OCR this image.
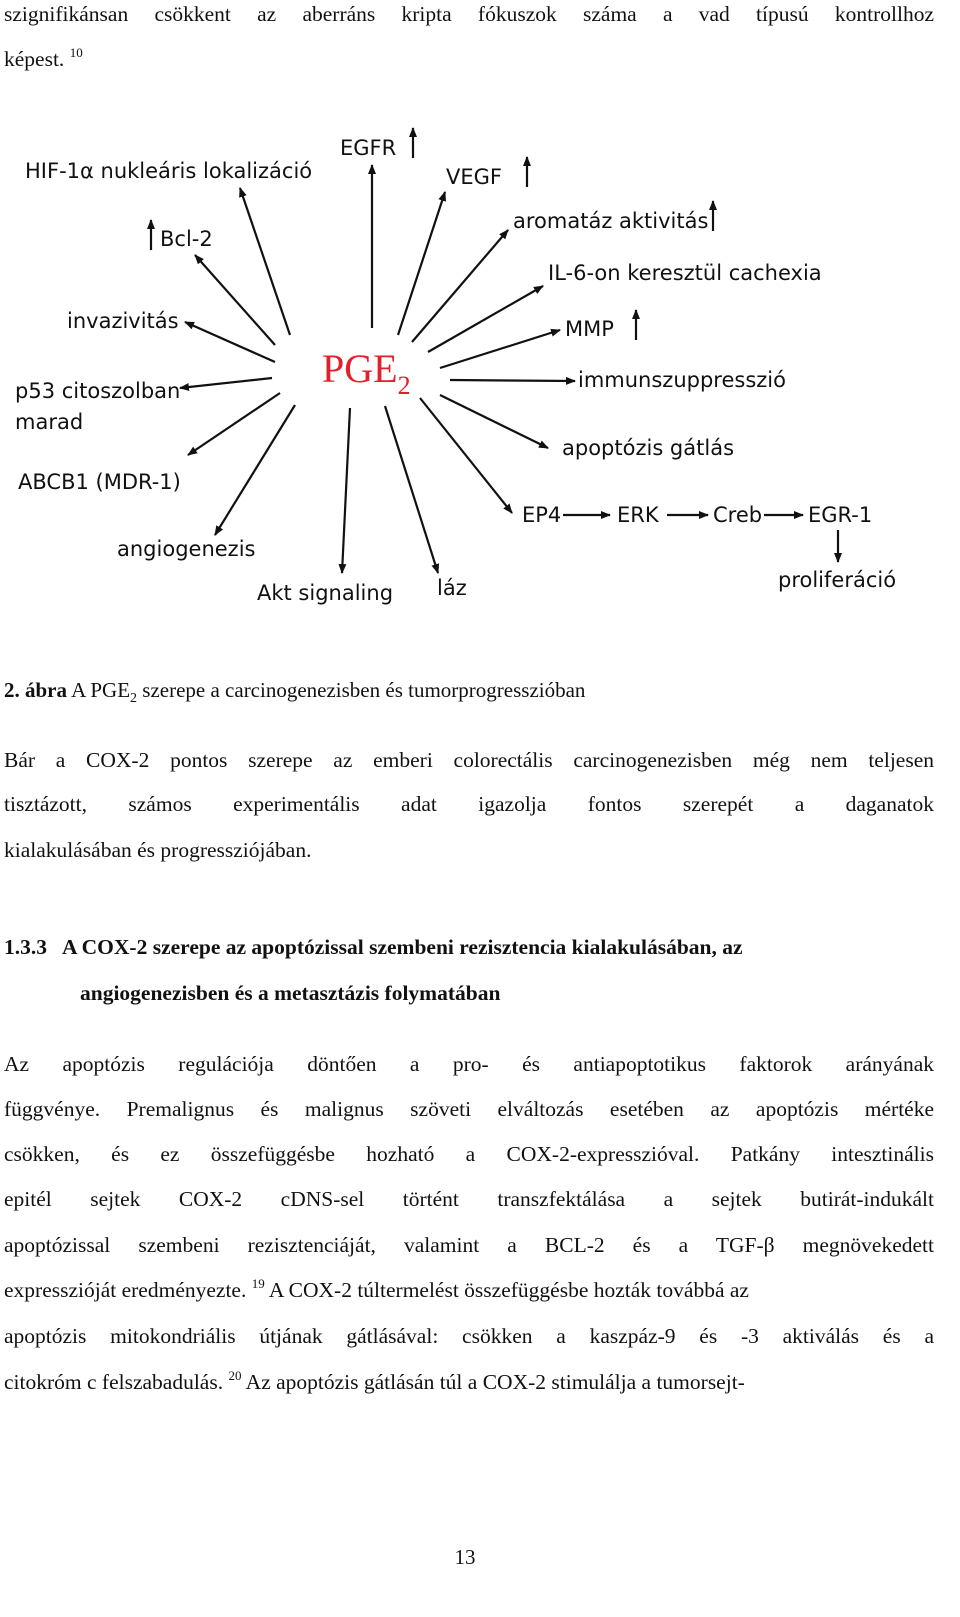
szignifikánsan csökkent az aberráns kripta fókuszok száma a vad típusú kontrollhoz
képest. $^{10}$
$PGE_2$
HIF-1α nukleáris lokalizáció
EGFR
VEGF
Bcl-2
aromatáz aktivitás
IL-6-on keresztül cachexia
invazivitás	MMP
p53 citoszolban
marad
immunszuppresszió
apoptózis gátlás
ABCB1 (MDR-1)
EP4	ERK	Creb EGR-1
angiogenezis
proliferáció
Akt signaling láz
2. ábra A $PGE_2$ szerepe a carcinogenezisben és tumorprogresszióban
Bár a COX-2 pontos szerepe az emberi colorectális carcinogenezisben még nem teljesen
tisztázott, számos experimentális adat igazolja fontos szerepét a daganatok
kialakulásában és progressziójában.
1.3.3   A COX-2 szerepe az apoptózissal szembeni rezisztencia kialakulásában, az
angiogenezisben és a metasztázis folymatában
Az apoptózis regulációja döntően a pro- és antiapoptotikus faktorok arányának
függvénye. Premalignus és malignus szöveti elváltozás esetében az apoptózis mértéke
csökken, és ez összefüggésbe hozható a COX-2-expresszióval. Patkány intesztinális
epitél sejtek COX-2 cDNS-sel történt transzfektálása a sejtek butirát-indukált
apoptózissal szembeni rezisztenciáját, valamint a BCL-2 és a TGF-β megnövekedett
expresszióját eredményezte. $^{19}$ A COX-2 túltermelést összefüggésbe hozták továbbá az
apoptózis mitokondriális útjának gátlásával: csökken a kaszpáz-9 és -3 aktiválás és a
citokróm c felszabadulás. $^{20}$ Az apoptózis gátlásán túl a COX-2 stimulálja a tumorsejt-
13
